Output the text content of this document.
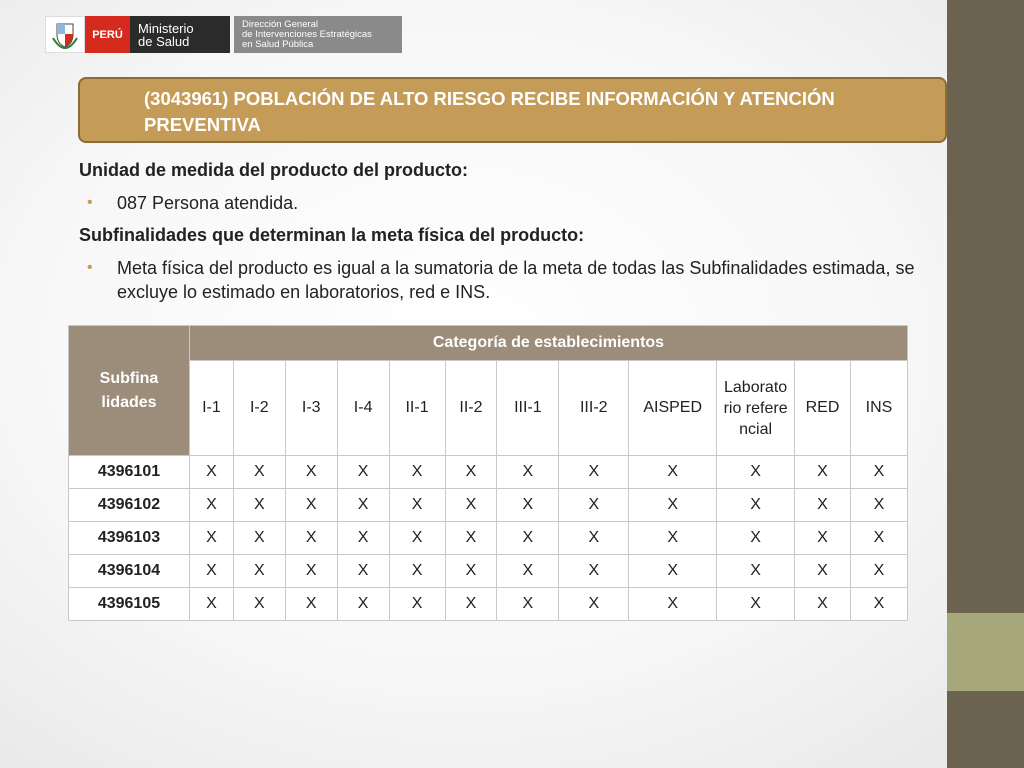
PERÚ	Ministerio
de Salud
Dirección General
de Intervenciones Estratégicas
en Salud Pública
(3043961) POBLACIÓN DE ALTO RIESGO RECIBE INFORMACIÓN Y ATENCIÓN PREVENTIVA
Unidad de medida del producto del producto:
• 087 Persona atendida.
Subfinalidades que determinan la meta física del producto:
• Meta física del producto es igual a la sumatoria de la meta de todas las Subfinalidades estimada, se excluye lo estimado en laboratorios, red e INS.
Subfina lidades	Categoría de establecimientos											
	I-1	I-2	I-3	I-4	II-1	II-2	III-1	III-2	AISPED	Laboratorio referencial	RED	INS
4396101	X	X	X	X	X	X	X	X	X	X	X	X
4396102	X	X	X	X	X	X	X	X	X	X	X	X
4396103	X	X	X	X	X	X	X	X	X	X	X	X
4396104	X	X	X	X	X	X	X	X	X	X	X	X
4396105	X	X	X	X	X	X	X	X	X	X	X	X
